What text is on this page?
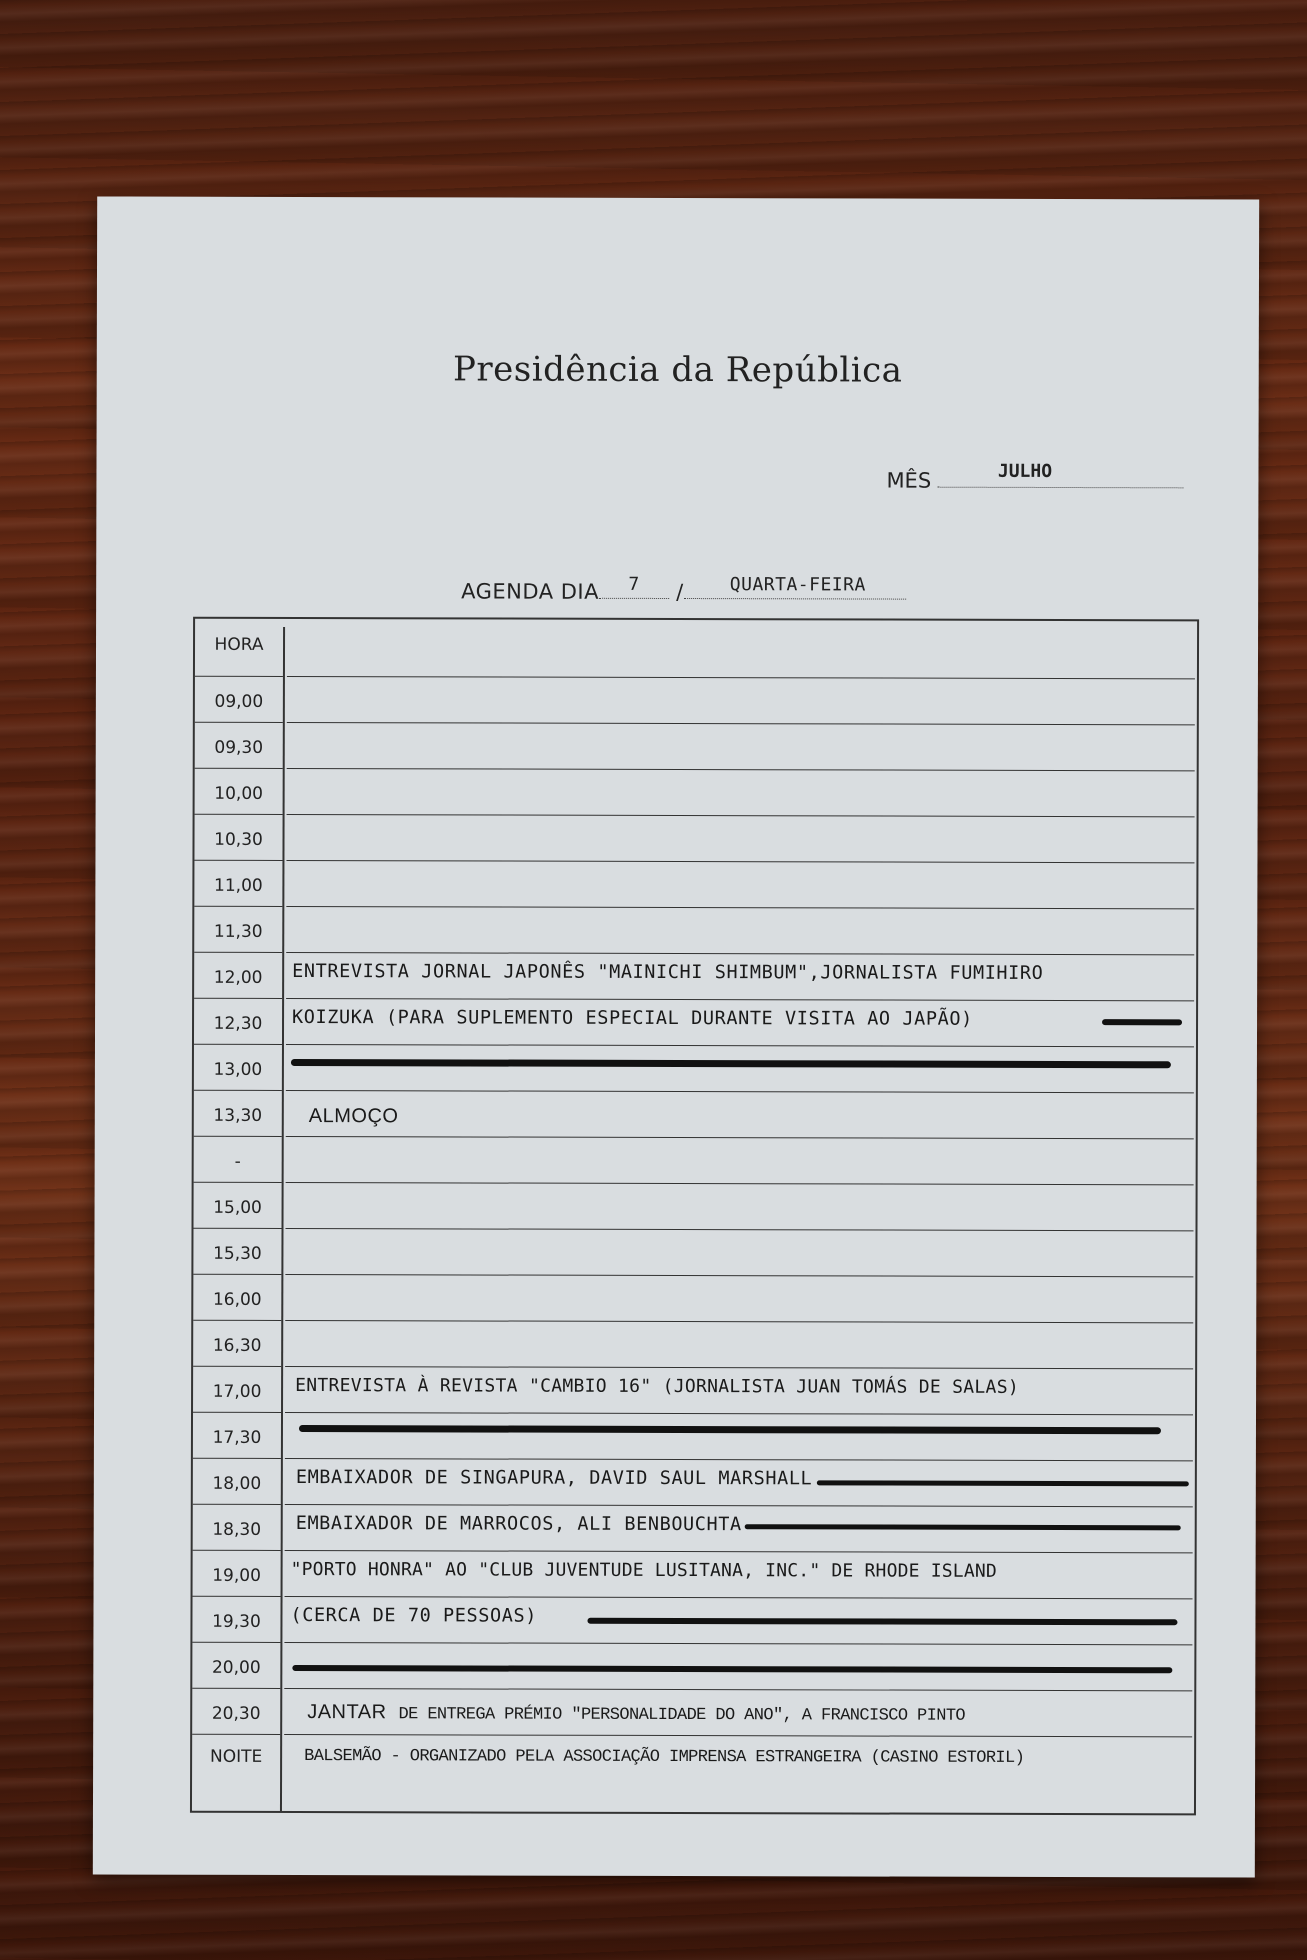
Presidência da República
MÊS	JULHO
AGENDA DIA	7	/	QUARTA-FEIRA
HORA
09,00
09,30
10,00
10,30
11,00
11,30
12,00	ENTREVISTA JORNAL JAPONÊS "MAINICHI SHIMBUM",JORNALISTA FUMIHIRO
12,30	KOIZUKA (PARA SUPLEMENTO ESPECIAL DURANTE VISITA AO JAPÃO)
13,00
13,30	ALMOÇO
-
15,00
15,30
16,00
16,30
17,00	ENTREVISTA À REVISTA "CAMBIO 16" (JORNALISTA JUAN TOMÁS DE SALAS)
17,30
18,00	EMBAIXADOR DE SINGAPURA, DAVID SAUL MARSHALL
18,30	EMBAIXADOR DE MARROCOS, ALI BENBOUCHTA
19,00	"PORTO HONRA" AO "CLUB JUVENTUDE LUSITANA, INC." DE RHODE ISLAND
19,30	(CERCA DE 70 PESSOAS)
20,00
20,30	JANTAR DE ENTREGA PRÉMIO "PERSONALIDADE DO ANO", A FRANCISCO PINTO
NOITE	BALSEMÃO - ORGANIZADO PELA ASSOCIAÇÃO IMPRENSA ESTRANGEIRA (CASINO ESTORIL)
